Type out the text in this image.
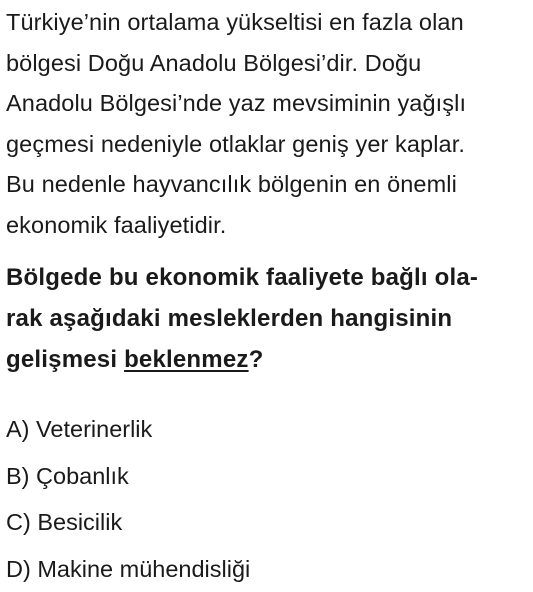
Türkiye’nin ortalama yükseltisi en fazla olan
bölgesi Doğu Anadolu Bölgesi’dir. Doğu
Anadolu Bölgesi’nde yaz mevsiminin yağışlı
geçmesi nedeniyle otlaklar geniş yer kaplar.
Bu nedenle hayvancılık bölgenin en önemli
ekonomik faaliyetidir.

Bölgede bu ekonomik faaliyete bağlı ola-
rak aşağıdaki mesleklerden hangisinin
gelişmesi beklenmez?

A) Veterinerlik
B) Çobanlık
C) Besicilik
D) Makine mühendisliği
